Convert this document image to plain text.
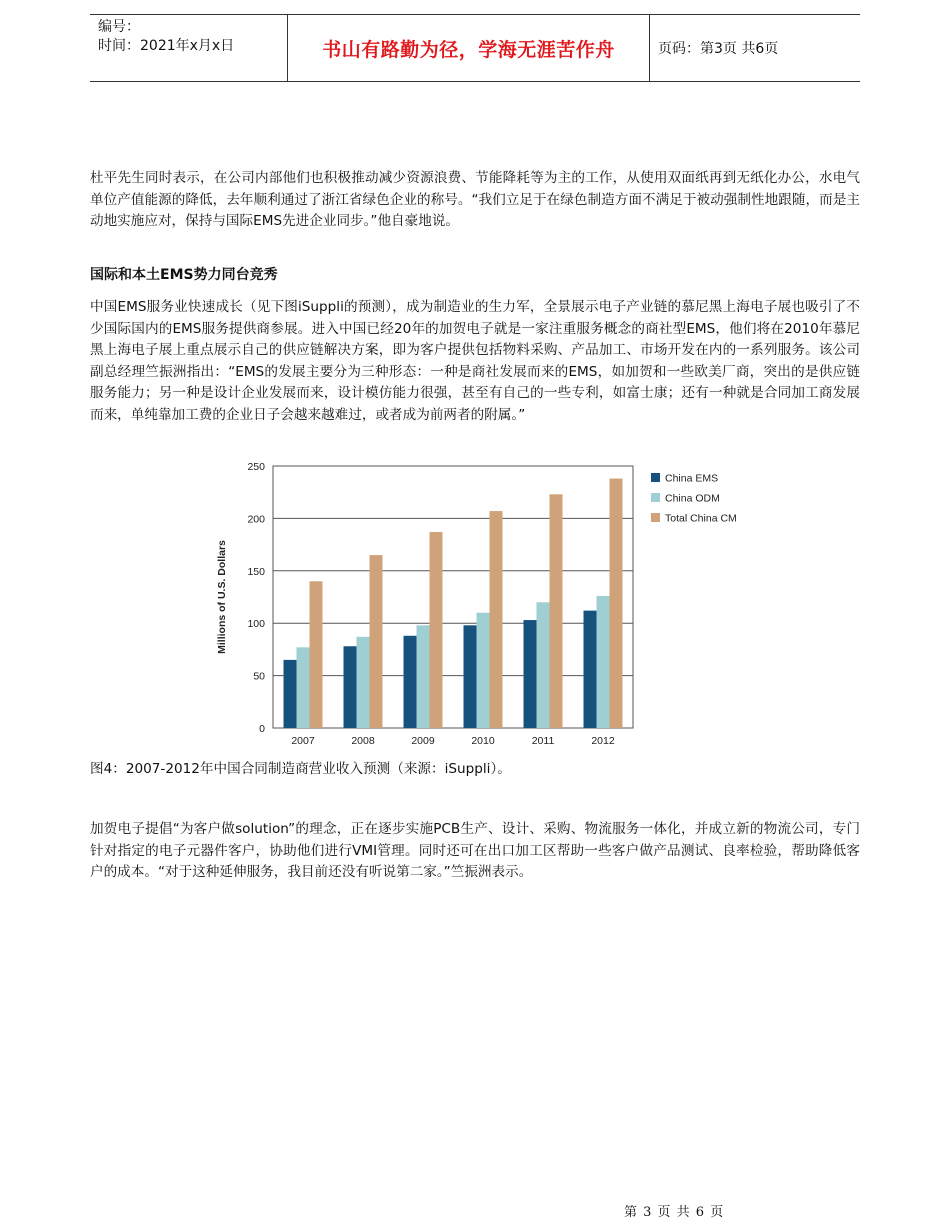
编号：
时间：2021年x月x日	书山有路勤为径，学海无涯苦作舟	页码：第3页 共6页

杜平先生同时表示，在公司内部他们也积极推动减少资源浪费、节能降耗等为主的工作，从使用双面纸再到无纸化办公，水电气单位产值能源的降低，去年顺利通过了浙江省绿色企业的称号。“我们立足于在绿色制造方面不满足于被动强制性地跟随，而是主动地实施应对，保持与国际EMS先进企业同步。”他自豪地说。

国际和本土EMS势力同台竞秀

中国EMS服务业快速成长（见下图iSuppli的预测），成为制造业的生力军，全景展示电子产业链的慕尼黑上海电子展也吸引了不少国际国内的EMS服务提供商参展。进入中国已经20年的加贺电子就是一家注重服务概念的商社型EMS，他们将在2010年慕尼黑上海电子展上重点展示自己的供应链解决方案，即为客户提供包括物料采购、产品加工、市场开发在内的一系列服务。该公司副总经理竺振洲指出：“EMS的发展主要分为三种形态：一种是商社发展而来的EMS，如加贺和一些欧美厂商，突出的是供应链服务能力；另一种是设计企业发展而来，设计模仿能力很强，甚至有自己的一些专利，如富士康；还有一种就是合同加工商发展而来，单纯靠加工费的企业日子会越来越难过，或者成为前两者的附属。”

0
50
100
150
200
250
2007	2008	2009	2010	2011	2012
Millions of U.S. Dollars
China EMS
China ODM
Total China CM

图4：2007-2012年中国合同制造商营业收入预测（来源：iSuppli）。

加贺电子提倡“为客户做solution”的理念，正在逐步实施PCB生产、设计、采购、物流服务一体化，并成立新的物流公司，专门针对指定的电子元器件客户，协助他们进行VMI管理。同时还可在出口加工区帮助一些客户做产品测试、良率检验，帮助降低客户的成本。“对于这种延伸服务，我目前还没有听说第二家。”竺振洲表示。

第 3 页 共 6 页
